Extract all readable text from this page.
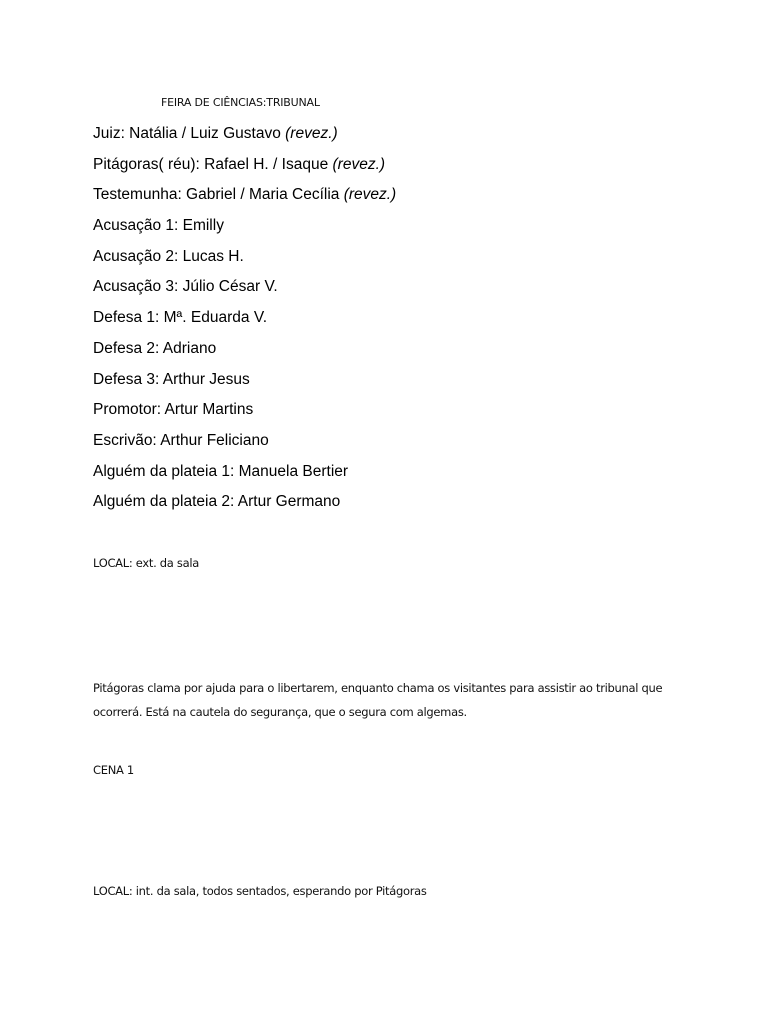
FEIRA DE CIÊNCIAS:TRIBUNAL
Juiz: Natália / Luiz Gustavo (revez.)
Pitágoras( réu): Rafael H. / Isaque (revez.)
Testemunha: Gabriel / Maria Cecília (revez.)
Acusação 1: Emilly
Acusação 2: Lucas H.
Acusação 3: Júlio César V.
Defesa 1: Mª. Eduarda V.
Defesa 2: Adriano
Defesa 3: Arthur Jesus
Promotor: Artur Martins
Escrivão: Arthur Feliciano
Alguém da plateia 1: Manuela Bertier
Alguém da plateia 2: Artur Germano
LOCAL: ext. da sala
Pitágoras clama por ajuda para o libertarem, enquanto chama os visitantes para assistir ao tribunal que
ocorrerá. Está na cautela do segurança, que o segura com algemas.
CENA 1
LOCAL: int. da sala, todos sentados, esperando por Pitágoras
